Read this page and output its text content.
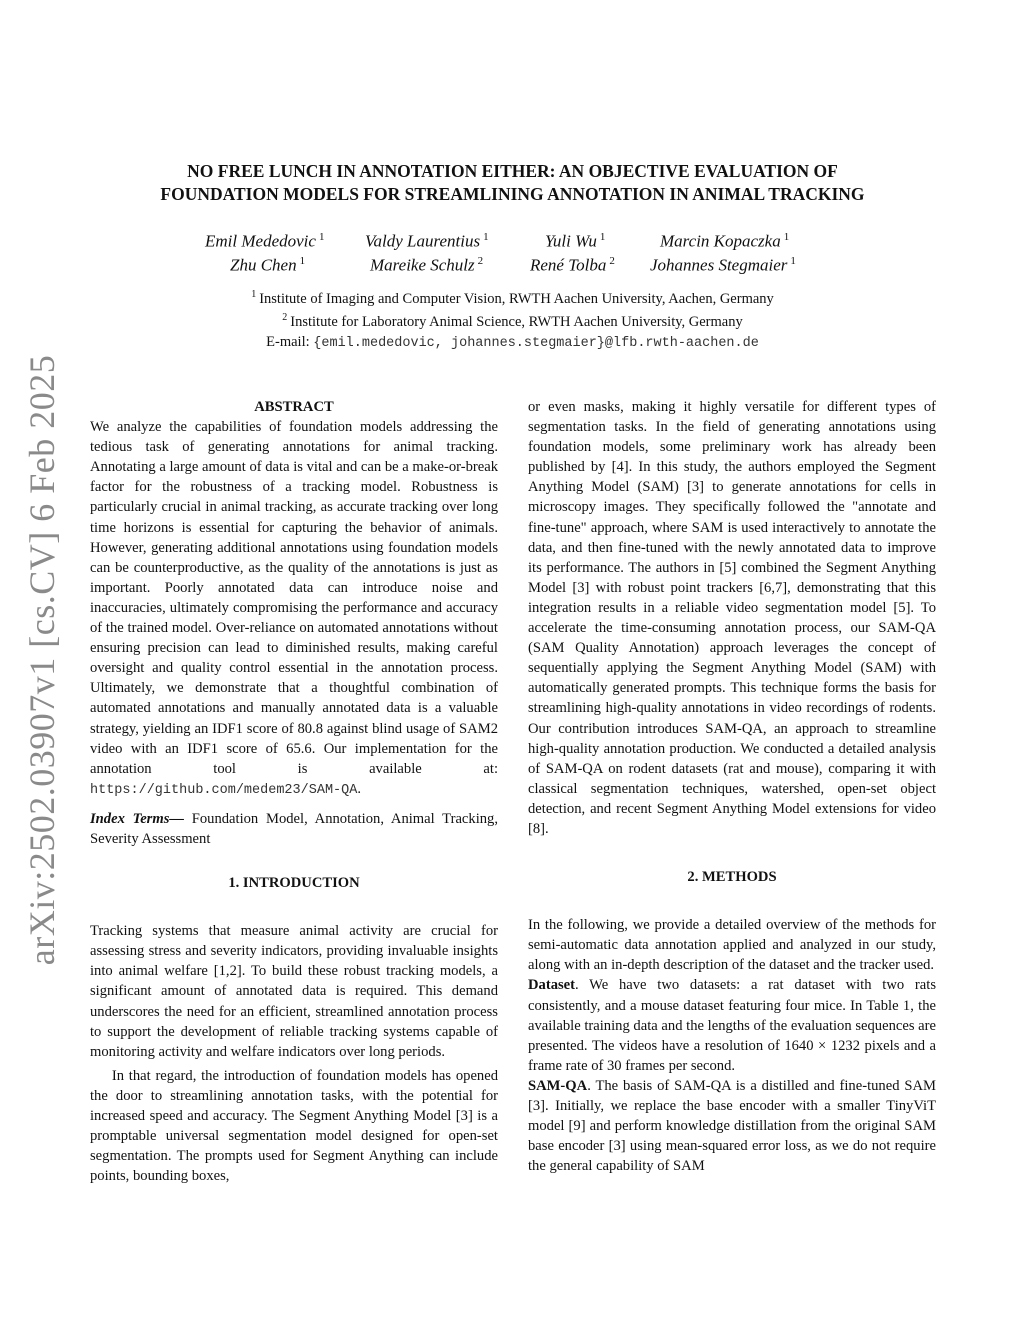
arXiv:2502.03907v1 [cs.CV] 6 Feb 2025
NO FREE LUNCH IN ANNOTATION EITHER: AN OBJECTIVE EVALUATION OF
FOUNDATION MODELS FOR STREAMLINING ANNOTATION IN ANIMAL TRACKING
Emil Mededovic $^1$ Valdy Laurentius $^1$	Yuli Wu $^1$	Marcin Kopaczka $^1$
Zhu Chen $^1$	Mareike Schulz $^2$	René Tolba $^2$ Johannes Stegmaier $^1$
$^1$ Institute of Imaging and Computer Vision, RWTH Aachen University, Aachen, Germany
$^2$ Institute for Laboratory Animal Science, RWTH Aachen University, Germany
E-mail: {emil.mededovic, johannes.stegmaier}@lfb.rwth-aachen.de

ABSTRACT

We analyze the capabilities of foundation models addressing the tedious task of generating annotations for animal tracking. Annotating a large amount of data is vital and can be a make-or-break factor for the robustness of a tracking model. Robustness is particularly crucial in animal tracking, as accurate tracking over long time horizons is essential for capturing the behavior of animals. However, generating additional annotations using foundation models can be counterproductive, as the quality of the annotations is just as important. Poorly annotated data can introduce noise and inaccuracies, ultimately compromising the performance and accuracy of the trained model. Over-reliance on automated annotations without ensuring precision can lead to diminished results, making careful oversight and quality control essential in the annotation process. Ultimately, we demonstrate that a thoughtful combination of automated annotations and manually annotated data is a valuable strategy, yielding an IDF1 score of 80.8 against blind usage of SAM2 video with an IDF1 score of 65.6. Our implementation for the annotation tool is available at: https://github.com/medem23/SAM-QA.

Index Terms— Foundation Model, Annotation, Animal Tracking, Severity Assessment

1. INTRODUCTION

Tracking systems that measure animal activity are crucial for assessing stress and severity indicators, providing invaluable insights into animal welfare [1,2]. To build these robust tracking models, a significant amount of annotated data is required. This demand underscores the need for an efficient, streamlined annotation process to support the development of reliable tracking systems capable of monitoring activity and welfare indicators over long periods.

In that regard, the introduction of foundation models has opened the door to streamlining annotation tasks, with the potential for increased speed and accuracy. The Segment Anything Model [3] is a promptable universal segmentation model designed for open-set segmentation. The prompts used for Segment Anything can include points, bounding boxes,

or even masks, making it highly versatile for different types of segmentation tasks. In the field of generating annotations using foundation models, some preliminary work has already been published by [4]. In this study, the authors employed the Segment Anything Model (SAM) [3] to generate annotations for cells in microscopy images. They specifically followed the "annotate and fine-tune" approach, where SAM is used interactively to annotate the data, and then fine-tuned with the newly annotated data to improve its performance. The authors in [5] combined the Segment Anything Model [3] with robust point trackers [6,7], demonstrating that this integration results in a reliable video segmentation model [5]. To accelerate the time-consuming annotation process, our SAM-QA (SAM Quality Annotation) approach leverages the concept of sequentially applying the Segment Anything Model (SAM) with automatically generated prompts. This technique forms the basis for streamlining high-quality annotations in video recordings of rodents. Our contribution introduces SAM-QA, an approach to streamline high-quality annotation production. We conducted a detailed analysis of SAM-QA on rodent datasets (rat and mouse), comparing it with classical segmentation techniques, watershed, open-set object detection, and recent Segment Anything Model extensions for video [8].

2. METHODS

In the following, we provide a detailed overview of the methods for semi-automatic data annotation applied and analyzed in our study, along with an in-depth description of the dataset and the tracker used.

Dataset. We have two datasets: a rat dataset with two rats consistently, and a mouse dataset featuring four mice. In Table 1, the available training data and the lengths of the evaluation sequences are presented. The videos have a resolution of 1640 × 1232 pixels and a frame rate of 30 frames per second.

SAM-QA. The basis of SAM-QA is a distilled and fine-tuned SAM [3]. Initially, we replace the base encoder with a smaller TinyViT model [9] and perform knowledge distillation from the original SAM base encoder [3] using mean-squared error loss, as we do not require the general capability of SAM
